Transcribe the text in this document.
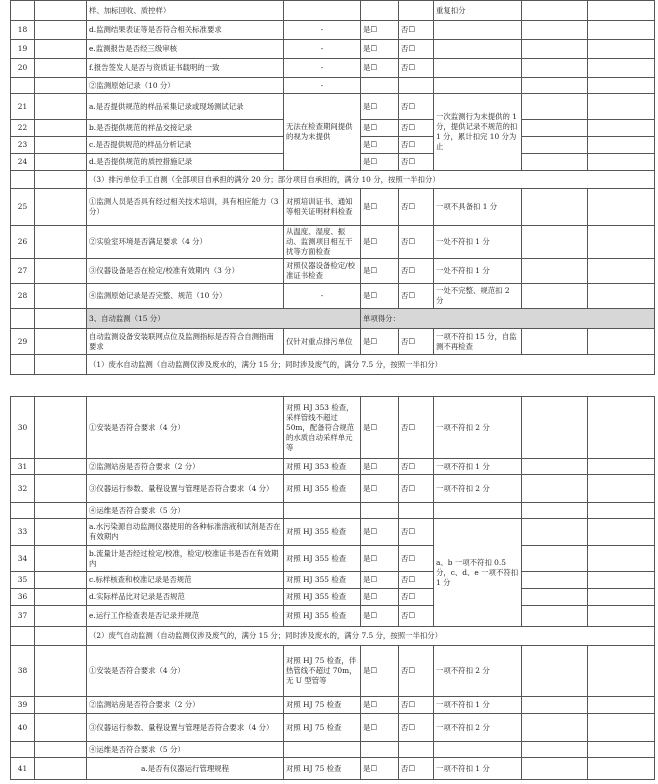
		样、加标回收、质控样）				重复扣分		
18		d.监测结果表证等是否符合相关标准要求	-	是☐	否☐			
19		e.监测报告是否经三级审核	-	是☐	否☐			
20		f.报告签发人是否与资质证书载明的一致	-	是☐	否☐			
		②监测原始记录（10 分）	-					
21		a.是否提供规范的样品采集记录或现场测试记录	无法在检查期间提供的视为未提供	是☐	否☐	一次监测行为未提供的 1 分，提供记录不规范的扣 1 分，累计扣完 10 分为止		
22		b.是否提供规范的样品交接记录		是☐	否☐			
23		c.是否提供规范的样品分析记录		是☐	否☐			
24		d.是否提供规范的质控措施记录		是☐	否☐			
		（3）排污单位手工自测（全部项目自承担的满分 20 分；部分项目自承担的，满分 10 分，按照一半扣分）						
25		①监测人员是否具有经过相关技术培训，具有相应能力（3 分）	对照培训证书、通知等相关证明材料检查	是☐	否☐	一项不具备扣 1 分		
26		②实验室环境是否满足要求（4 分）	从温度、湿度、振动、监测项目相互干扰等方面检查	是☐	否☐	一处不符扣 1 分		
27		③仪器设备是否在检定/校准有效期内（3 分）	对照仪器设备检定/校准证书检查	是☐	否☐	一处不符扣 1 分		
28		④监测原始记录是否完整、规范（10 分）	-	是☐	否☐	一处不完整、规范扣 2 分		
		3、自动监测（15 分）		单项得分：				
29		自动监测设备安装联网点位及监测指标是否符合自测指南要求	仅针对重点排污单位	是☐	否☐	一项不符扣 15 分，自监测不再检查		
		（1）废水自动监测（自动监测仅涉及废水的，满分 15 分；同时涉及废气的，满分 7.5 分，按照一半扣分）						
30		①安装是否符合要求（4 分）	对照 HJ 353 检查，采样管线不超过 50m，配备符合规范的水质自动采样单元等	是☐	否☐	一项不符扣 2 分		
31		②监测站房是否符合要求（2 分）	对照 HJ 353 检查	是☐	否☐	一项不符扣 1 分		
32		③仪器运行参数、量程设置与管理是否符合要求（4 分）	对照 HJ 355 检查	是☐	否☐	一项不符扣 2 分		
		④运维是否符合要求（5 分）						
33		a.水污染源自动监测仪器使用的各种标准溶液和试剂是否在有效期内	对照 HJ 355 检查	是☐	否☐	a、b 一项不符扣 0.5 分，c、d、e 一项不符扣 1 分		
34		b.流量计是否经过检定/校准，检定/校准证书是否在有效期内	对照 HJ 355 检查	是☐	否☐			
35		c.标样核查和校准记录是否规范	对照 HJ 355 检查	是☐	否☐			
36		d.实际样品比对记录是否规范	对照 HJ 355 检查	是☐	否☐			
37		e.运行工作检查表是否记录并规范	对照 HJ 355 检查	是☐	否☐			
		（2）废气自动监测（自动监测仅涉及废气的，满分 15 分；同时涉及废水的，满分 7.5 分，按照一半扣分）						
38		①安装是否符合要求（4 分）	对照 HJ 75 检查，伴热管线不超过 70m，无 U 型管等	是☐	否☐	一项不符扣 2 分		
39		②监测站房是否符合要求（2 分）	对照 HJ 75 检查	是☐	否☐	一项不符扣 1 分		
40		③仪器运行参数、量程设置与管理是否符合要求（4 分）	对照 HJ 75 检查	是☐	否☐	一项不符扣 2 分		
		④运维是否符合要求（5 分）						
41		a.是否有仪器运行管理规程	对照 HJ 75 检查	是☐	否☐	一项不符扣 1 分		
